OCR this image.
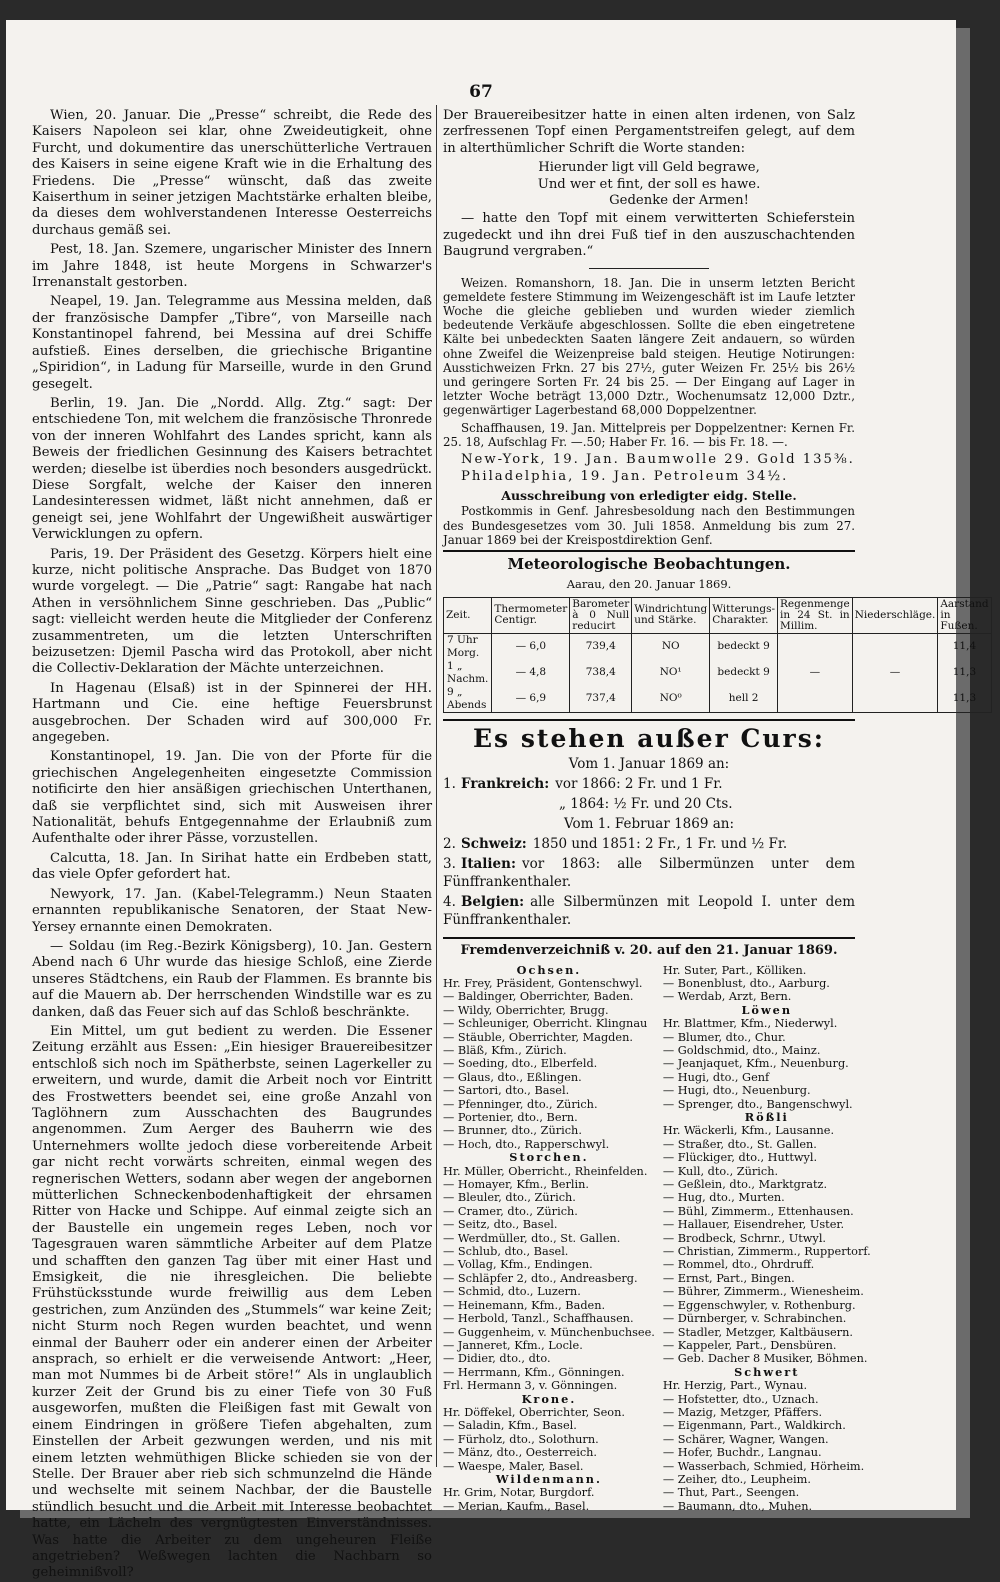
67

Wien, 20. Januar. Die „Presse“ schreibt, die Rede des Kaisers Napoleon sei klar, ohne Zweideutigkeit, ohne Furcht, und dokumentire das unerschütterliche Vertrauen des Kaisers in seine eigene Kraft wie in die Erhaltung des Friedens. Die „Presse“ wünscht, daß das zweite Kaiserthum in seiner jetzigen Machtstärke erhalten bleibe, da dieses dem wohlverstandenen Interesse Oesterreichs durchaus gemäß sei.

Pest, 18. Jan. Szemere, ungarischer Minister des Innern im Jahre 1848, ist heute Morgens in Schwarzer's Irrenanstalt gestorben.

Neapel, 19. Jan. Telegramme aus Messina melden, daß der französische Dampfer „Tibre“, von Marseille nach Konstantinopel fahrend, bei Messina auf drei Schiffe aufstieß. Eines derselben, die griechische Brigantine „Spiridion“, in Ladung für Marseille, wurde in den Grund gesegelt.

Berlin, 19. Jan. Die „Nordd. Allg. Ztg.“ sagt: Der entschiedene Ton, mit welchem die französische Thronrede von der inneren Wohlfahrt des Landes spricht, kann als Beweis der friedlichen Gesinnung des Kaisers betrachtet werden; dieselbe ist überdies noch besonders ausgedrückt. Diese Sorgfalt, welche der Kaiser den inneren Landesinteressen widmet, läßt nicht annehmen, daß er geneigt sei, jene Wohlfahrt der Ungewißheit auswärtiger Verwicklungen zu opfern.

Paris, 19. Der Präsident des Gesetzg. Körpers hielt eine kurze, nicht politische Ansprache. Das Budget von 1870 wurde vorgelegt. — Die „Patrie“ sagt: Rangabe hat nach Athen in versöhnlichem Sinne geschrieben. Das „Public“ sagt: vielleicht werden heute die Mitglieder der Conferenz zusammentreten, um die letzten Unterschriften beizusetzen: Djemil Pascha wird das Protokoll, aber nicht die Collectiv-Deklaration der Mächte unterzeichnen.

In Hagenau (Elsaß) ist in der Spinnerei der HH. Hartmann und Cie. eine heftige Feuersbrunst ausgebrochen. Der Schaden wird auf 300,000 Fr. angegeben.

Konstantinopel, 19. Jan. Die von der Pforte für die griechischen Angelegenheiten eingesetzte Commission notificirte den hier ansäßigen griechischen Unterthanen, daß sie verpflichtet sind, sich mit Ausweisen ihrer Nationalität, behufs Entgegennahme der Erlaubniß zum Aufenthalte oder ihrer Pässe, vorzustellen.

Calcutta, 18. Jan. In Sirihat hatte ein Erdbeben statt, das viele Opfer gefordert hat.

Newyork, 17. Jan. (Kabel-Telegramm.) Neun Staaten ernannten republikanische Senatoren, der Staat New-Yersey ernannte einen Demokraten.

— Soldau (im Reg.-Bezirk Königsberg), 10. Jan. Gestern Abend nach 6 Uhr wurde das hiesige Schloß, eine Zierde unseres Städtchens, ein Raub der Flammen. Es brannte bis auf die Mauern ab. Der herrschenden Windstille war es zu danken, daß das Feuer sich auf das Schloß beschränkte.

Ein Mittel, um gut bedient zu werden. Die Essener Zeitung erzählt aus Essen: „Ein hiesiger Brauereibesitzer entschloß sich noch im Spätherbste, seinen Lagerkeller zu erweitern, und wurde, damit die Arbeit noch vor Eintritt des Frostwetters beendet sei, eine große Anzahl von Taglöhnern zum Ausschachten des Baugrundes angenommen. Zum Aerger des Bauherrn wie des Unternehmers wollte jedoch diese vorbereitende Arbeit gar nicht recht vorwärts schreiten, einmal wegen des regnerischen Wetters, sodann aber wegen der angebornen mütterlichen Schneckenbodenhaftigkeit der ehrsamen Ritter von Hacke und Schippe. Auf einmal zeigte sich an der Baustelle ein ungemein reges Leben, noch vor Tagesgrauen waren sämmtliche Arbeiter auf dem Platze und schafften den ganzen Tag über mit einer Hast und Emsigkeit, die nie ihresgleichen. Die beliebte Frühstücksstunde wurde freiwillig aus dem Leben gestrichen, zum Anzünden des „Stummels“ war keine Zeit; nicht Sturm noch Regen wurden beachtet, und wenn einmal der Bauherr oder ein anderer einen der Arbeiter ansprach, so erhielt er die verweisende Antwort: „Heer, man mot Nummes bi de Arbeit störe!“ Als in unglaublich kurzer Zeit der Grund bis zu einer Tiefe von 30 Fuß ausgeworfen, mußten die Fleißigen fast mit Gewalt von einem Eindringen in größere Tiefen abgehalten, zum Einstellen der Arbeit gezwungen werden, und nis mit einem letzten wehmüthigen Blicke schieden sie von der Stelle. Der Brauer aber rieb sich schmunzelnd die Hände und wechselte mit seinem Nachbar, der die Baustelle stündlich besucht und die Arbeit mit Interesse beobachtet hatte, ein Lächeln des vergnügtesten Einverständnisses. Was hatte die Arbeiter zu dem ungeheuren Fleiße angetrieben? Weßwegen lachten die Nachbarn so geheimnißvoll?

Der Brauereibesitzer hatte in einen alten irdenen, von Salz zerfressenen Topf einen Pergamentstreifen gelegt, auf dem in alterthümlicher Schrift die Worte standen:

Hierunder ligt vill Geld begrawe,

Und wer et fint, der soll es hawe.

Gedenke der Armen!

— hatte den Topf mit einem verwitterten Schieferstein zugedeckt und ihn drei Fuß tief in den auszuschachtenden Baugrund vergraben.“

Weizen. Romanshorn, 18. Jan. Die in unserm letzten Bericht gemeldete festere Stimmung im Weizengeschäft ist im Laufe letzter Woche die gleiche geblieben und wurden wieder ziemlich bedeutende Verkäufe abgeschlossen. Sollte die eben eingetretene Kälte bei unbedeckten Saaten längere Zeit andauern, so würden ohne Zweifel die Weizenpreise bald steigen. Heutige Notirungen: Ausstichweizen Frkn. 27 bis 27½, guter Weizen Fr. 25½ bis 26½ und geringere Sorten Fr. 24 bis 25. — Der Eingang auf Lager in letzter Woche beträgt 13,000 Dztr., Wochenumsatz 12,000 Dztr., gegenwärtiger Lagerbestand 68,000 Doppelzentner.

Schaffhausen, 19. Jan. Mittelpreis per Doppelzentner: Kernen Fr. 25. 18, Aufschlag Fr. —.50; Haber Fr. 16. — bis Fr. 18. —.

New-York, 19. Jan. Baumwolle 29. Gold 135⅜.

Philadelphia, 19. Jan. Petroleum 34½.

Ausschreibung von erledigter eidg. Stelle.

Postkommis in Genf. Jahresbesoldung nach den Bestimmungen des Bundesgesetzes vom 30. Juli 1858. Anmeldung bis zum 27. Januar 1869 bei der Kreispostdirektion Genf.

Meteorologische Beobachtungen.
Aarau, den 20. Januar 1869.
Zeit.	Thermometer Centigr.	Barometer à 0 Null reducirt	Windrichtung und Stärke.	Witterungs-Charakter.	Regenmenge in 24 St. in Millim.	Niederschläge.	Aarstand in Fußen.
7 Uhr Morg.	— 6,0	739,4	NO	bedeckt 9			11,4
1 „ Nachm.	— 4,8	738,4	NO¹	bedeckt 9	—	—	11,3
9 „ Abends	— 6,9	737,4	NO⁰	hell 2			11,3
Es stehen außer Curs:
Vom 1. Januar 1869 an:
1. Frankreich: vor 1866: 2 Fr. und 1 Fr.
„ 1864: ½ Fr. und 20 Cts.
Vom 1. Februar 1869 an:
2. Schweiz: 1850 und 1851: 2 Fr., 1 Fr. und ½ Fr.
3. Italien: vor 1863: alle Silbermünzen unter dem Fünffrankenthaler.
4. Belgien: alle Silbermünzen mit Leopold I. unter dem Fünffrankenthaler.
Fremdenverzeichniß v. 20. auf den 21. Januar 1869.
Ochsen.
Hr. Frey, Präsident, Gontenschwyl.
— Baldinger, Oberrichter, Baden.
— Wildy, Oberrichter, Brugg.
— Schleuniger, Oberricht. Klingnau
— Stäuble, Oberrichter, Magden.
— Bläß, Kfm., Zürich.
— Soeding, dto., Elberfeld.
— Glaus, dto., Eßlingen.
— Sartori, dto., Basel.
— Pfenninger, dto., Zürich.
— Portenier, dto., Bern.
— Brunner, dto., Zürich.
— Hoch, dto., Rapperschwyl.
Storchen.
Hr. Müller, Oberricht., Rheinfelden.
— Homayer, Kfm., Berlin.
— Bleuler, dto., Zürich.
— Cramer, dto., Zürich.
— Seitz, dto., Basel.
— Werdmüller, dto., St. Gallen.
— Schlub, dto., Basel.
— Vollag, Kfm., Endingen.
— Schläpfer 2, dto., Andreasberg.
— Schmid, dto., Luzern.
— Heinemann, Kfm., Baden.
— Herbold, Tanzl., Schaffhausen.
— Guggenheim, v. Münchenbuchsee.
— Janneret, Kfm., Locle.
— Didier, dto., dto.
— Herrmann, Kfm., Gönningen.
Frl. Hermann 3, v. Gönningen.
Krone.
Hr. Döffekel, Oberrichter, Seon.
— Saladin, Kfm., Basel.
— Fürholz, dto., Solothurn.
— Mänz, dto., Oesterreich.
— Waespe, Maler, Basel.
Wildenmann.
Hr. Grim, Notar, Burgdorf.
— Merian, Kaufm., Basel.
Hr. Suter, Part., Kölliken.
— Bonenblust, dto., Aarburg.
— Werdab, Arzt, Bern.
Löwen
Hr. Blattmer, Kfm., Niederwyl.
— Blumer, dto., Chur.
— Goldschmid, dto., Mainz.
— Jeanjaquet, Kfm., Neuenburg.
— Hugi, dto., Genf
— Hugi, dto., Neuenburg.
— Sprenger, dto., Bangenschwyl.
Rößli
Hr. Wäckerli, Kfm., Lausanne.
— Straßer, dto., St. Gallen.
— Flückiger, dto., Huttwyl.
— Kull, dto., Zürich.
— Geßlein, dto., Marktgratz.
— Hug, dto., Murten.
— Bühl, Zimmerm., Ettenhausen.
— Hallauer, Eisendreher, Uster.
— Brodbeck, Schrnr., Utwyl.
— Christian, Zimmerm., Ruppertorf.
— Rommel, dto., Ohrdruff.
— Ernst, Part., Bingen.
— Bührer, Zimmerm., Wienesheim.
— Eggenschwyler, v. Rothenburg.
— Dürnberger, v. Schrabinchen.
— Stadler, Metzger, Kaltbäusern.
— Kappeler, Part., Densbüren.
— Geb. Dacher 8 Musiker, Böhmen.
Schwert
Hr. Herzig, Part., Wynau.
— Hofstetter, dto., Uznach.
— Mazig, Metzger, Pfäffers.
— Eigenmann, Part., Waldkirch.
— Schärer, Wagner, Wangen.
— Hofer, Buchdr., Langnau.
— Wasserbach, Schmied, Hörheim.
— Zeiher, dto., Leupheim.
— Thut, Part., Seengen.
— Baumann, dto., Muhen.
